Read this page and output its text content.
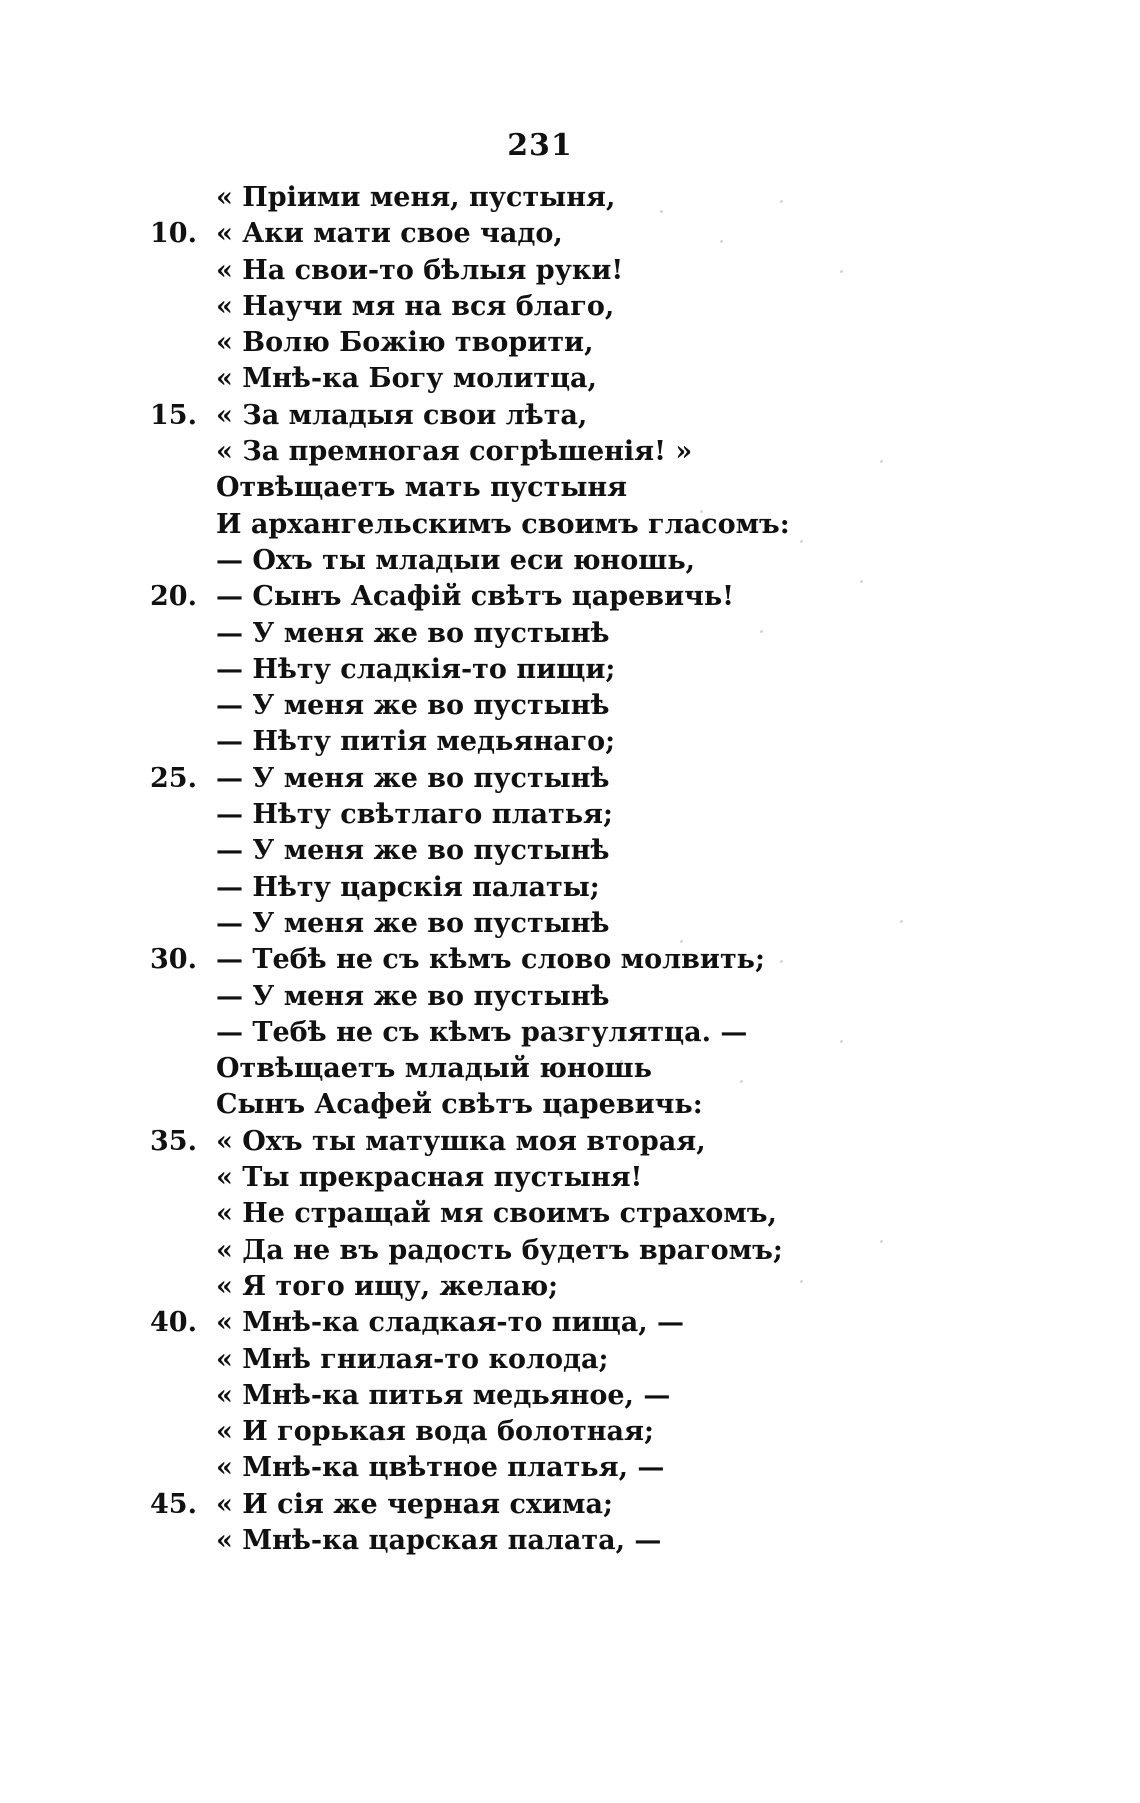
231
« Пріими меня, пустыня,
10. « Аки мати свое чадо,
« На свои-то бѣлыя руки!
« Научи мя на вся благо,
« Волю Божію творити,
« Мнѣ-ка Богу молитца,
15. « За младыя свои лѣта,
« За премногая согрѣшенія! »
Отвѣщаетъ мать пустыня
И архангельскимъ своимъ гласомъ:
— Охъ ты младыи еси юношь,
20. — Сынъ Асафій свѣтъ царевичь!
— У меня же во пустынѣ
— Нѣту сладкія-то пищи;
— У меня же во пустынѣ
— Нѣту питія медьянаго;
25. — У меня же во пустынѣ
— Нѣту свѣтлаго платья;
— У меня же во пустынѣ
— Нѣту царскія палаты;
— У меня же во пустынѣ
30. — Тебѣ не съ кѣмъ слово молвить;
— У меня же во пустынѣ
— Тебѣ не съ кѣмъ разгулятца. —
Отвѣщаетъ младый юношь
Сынъ Асафей свѣтъ царевичь:
35. « Охъ ты матушка моя вторая,
« Ты прекрасная пустыня!
« Не стращай мя своимъ страхомъ,
« Да не въ радость будетъ врагомъ;
« Я того ищу, желаю;
40. « Мнѣ-ка сладкая-то пища, —
« Мнѣ гнилая-то колода;
« Мнѣ-ка питья медьяное, —
« И горькая вода болотная;
« Мнѣ-ка цвѣтное платья, —
45. « И сія же черная схима;
« Мнѣ-ка царская палата, —
